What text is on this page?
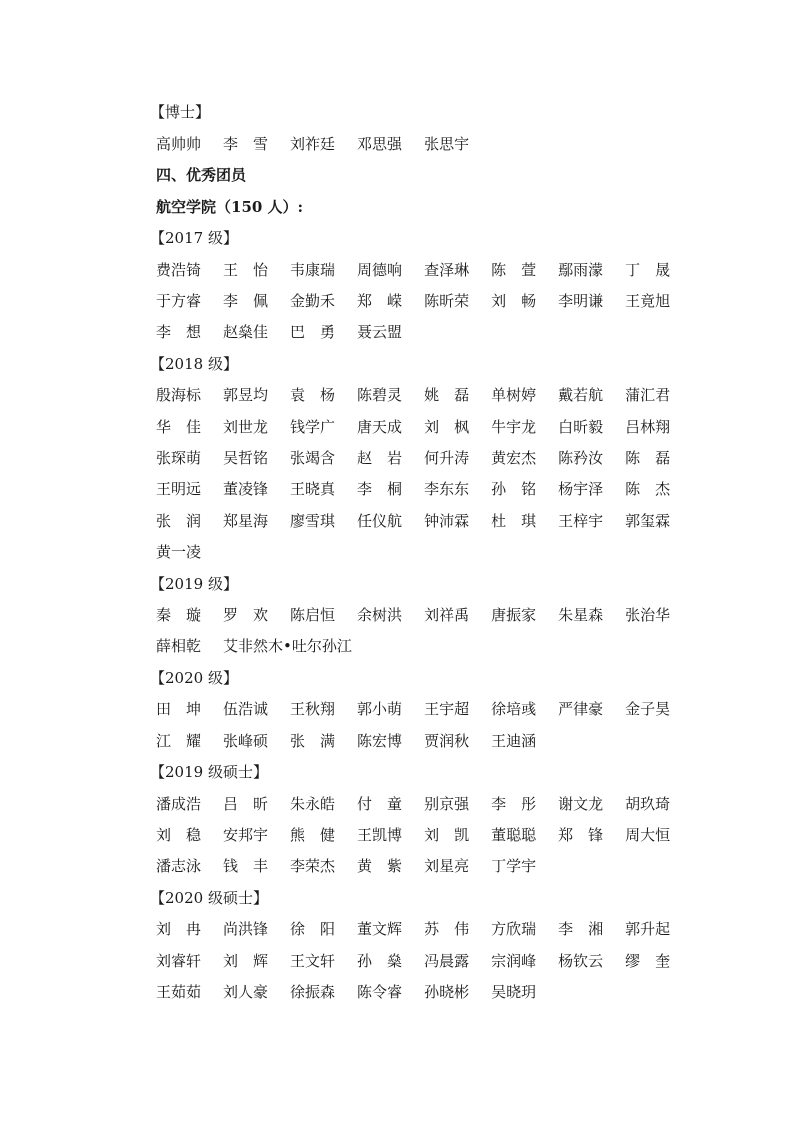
【博士】
高帅帅 李　雪 刘祚廷 邓思强 张思宇
四、优秀团员
航空学院（150 人）:
【2017 级】
费浩锜 王　怡 韦康瑞 周德响 查泽琳 陈　萱 鄢雨濛 丁　晟
于方睿 李　佩 金勤禾 郑　嵘 陈昕荣 刘　畅 李明谦 王竟旭
李　想 赵燊佳 巴　勇 聂云盟
【2018 级】
殷海标 郭昱均 袁　杨 陈碧灵 姚　磊 单树婷 戴若航 蒲汇君
华　佳 刘世龙 钱学广 唐天成 刘　枫 牛宇龙 白昕毅 吕林翔
张琛萌 吴哲铭 张竭含 赵　岩 何升涛 黄宏杰 陈矜汝 陈　磊
王明远 董凌锋 王晓真 李　桐 李东东 孙　铭 杨宇泽 陈　杰
张　润 郑星海 廖雪琪 任仪航 钟沛霖 杜　琪 王梓宇 郭玺霖
黄一凌
【2019 级】
秦　璇 罗　欢 陈启恒 余树洪 刘祥禹 唐振家 朱星森 张治华
薛相乾 艾非然木•吐尔孙江
【2020 级】
田　坤 伍浩诚 王秋翔 郭小萌 王宇超 徐培彧 严律豪 金子昊
江　耀 张峰硕 张　满 陈宏博 贾润秋 王迪涵
【2019 级硕士】
潘成浩 吕　昕 朱永皓 付　童 别京强 李　彤 谢文龙 胡玖琦
刘　稳 安邦宇 熊　健 王凯博 刘　凯 董聪聪 郑　锋 周大恒
潘志泳 钱　丰 李荣杰 黄　紫 刘星亮 丁学宇
【2020 级硕士】
刘　冉 尚洪锋 徐　阳 董文辉 苏　伟 方欣瑞 李　湘 郭升起
刘睿轩 刘　辉 王文轩 孙　燊 冯晨露 宗润峰 杨钦云 缪　奎
王茹茹 刘人豪 徐振森 陈令睿 孙晓彬 吴晓玥
